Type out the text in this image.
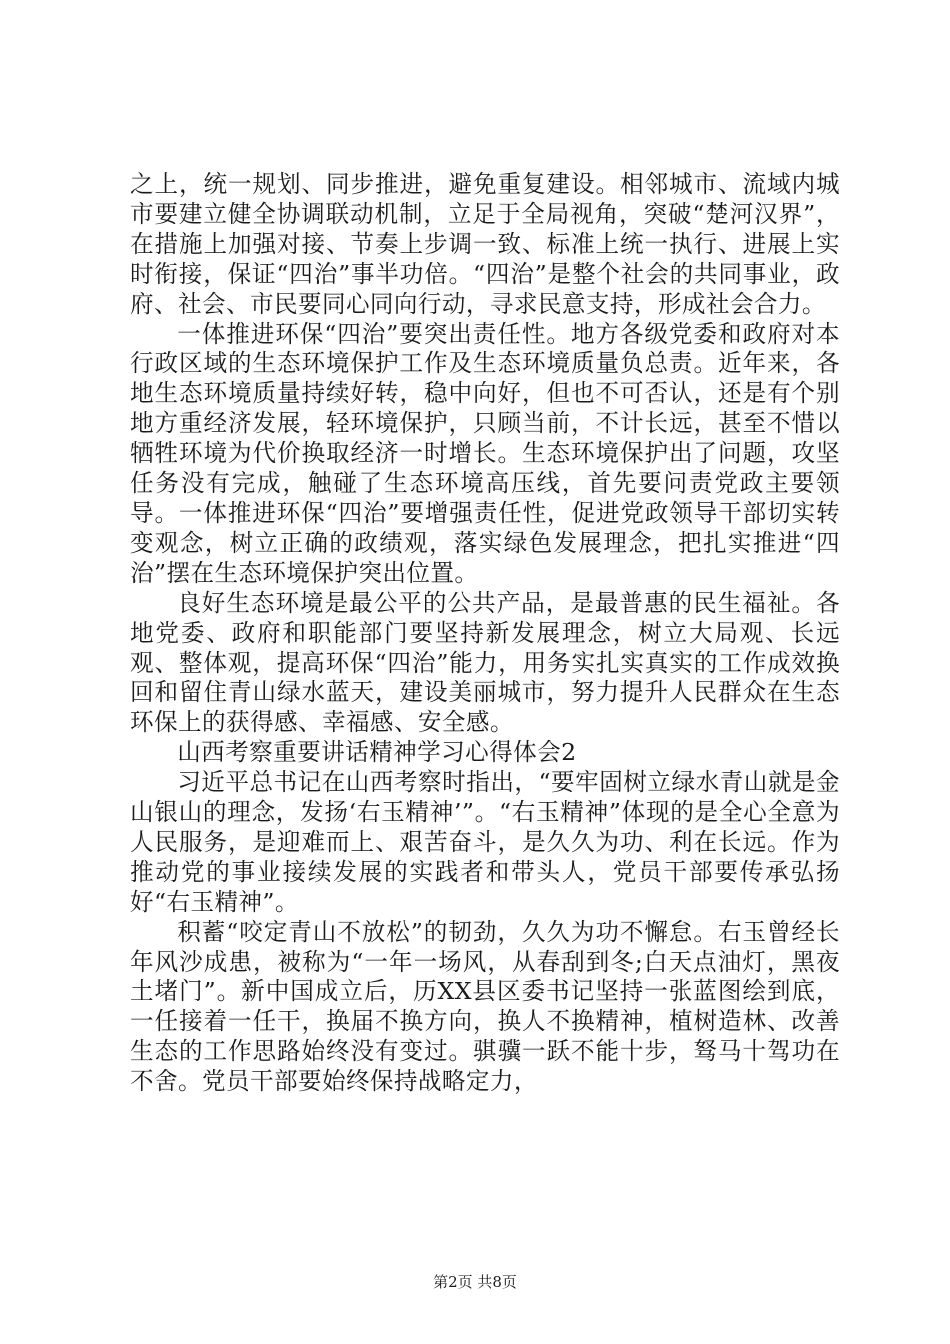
之上，统一规划、同步推进，避免重复建设。相邻城市、流域内城市要建立健全协调联动机制，立足于全局视角，突破“楚河汉界”，在措施上加强对接、节奏上步调一致、标准上统一执行、进展上实时衔接，保证“四治”事半功倍。“四治”是整个社会的共同事业，政府、社会、市民要同心同向行动，寻求民意支持，形成社会合力。

一体推进环保“四治”要突出责任性。地方各级党委和政府对本行政区域的生态环境保护工作及生态环境质量负总责。近年来，各地生态环境质量持续好转，稳中向好，但也不可否认，还是有个别地方重经济发展，轻环境保护，只顾当前，不计长远，甚至不惜以牺牲环境为代价换取经济一时增长。生态环境保护出了问题，攻坚任务没有完成，触碰了生态环境高压线，首先要问责党政主要领导。一体推进环保“四治”要增强责任性，促进党政领导干部切实转变观念，树立正确的政绩观，落实绿色发展理念，把扎实推进“四治”摆在生态环境保护突出位置。

良好生态环境是最公平的公共产品，是最普惠的民生福祉。各地党委、政府和职能部门要坚持新发展理念，树立大局观、长远观、整体观，提高环保“四治”能力，用务实扎实真实的工作成效换回和留住青山绿水蓝天，建设美丽城市，努力提升人民群众在生态环保上的获得感、幸福感、安全感。

山西考察重要讲话精神学习心得体会2

习近平总书记在山西考察时指出，“要牢固树立绿水青山就是金山银山的理念，发扬‘右玉精神’”。“右玉精神”体现的是全心全意为人民服务，是迎难而上、艰苦奋斗，是久久为功、利在长远。作为推动党的事业接续发展的实践者和带头人，党员干部要传承弘扬好“右玉精神”。

积蓄“咬定青山不放松”的韧劲，久久为功不懈怠。右玉曾经长年风沙成患，被称为“一年一场风，从春刮到冬;白天点油灯，黑夜土堵门”。新中国成立后，历XX县区委书记坚持一张蓝图绘到底，一任接着一任干，换届不换方向，换人不换精神，植树造林、改善生态的工作思路始终没有变过。骐骥一跃不能十步，驽马十驾功在不舍。党员干部要始终保持战略定力，

第2页 共8页
